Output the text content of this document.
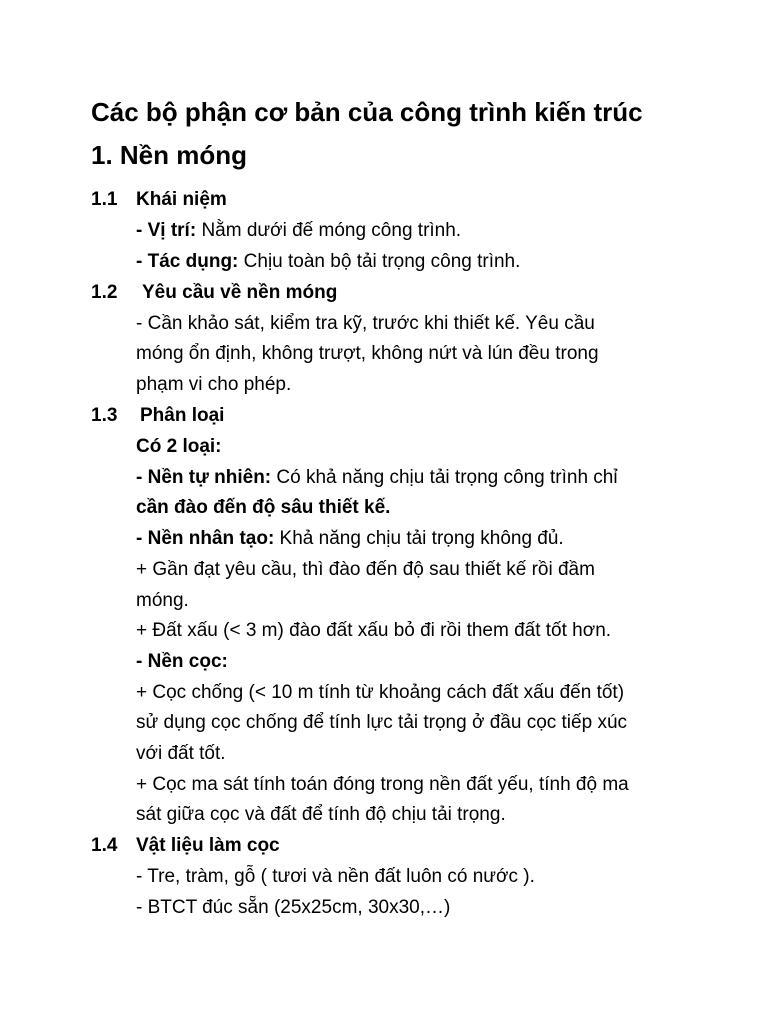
Các bộ phận cơ bản của công trình kiến trúc
1. Nền móng
1.1 Khái niệm
- Vị trí: Nằm dưới đế móng công trình.
- Tác dụng: Chịu toàn bộ tải trọng công trình.
1.2 Yêu cầu về nền móng
- Cần khảo sát, kiểm tra kỹ, trước khi thiết kế. Yêu cầu
móng ổn định, không trượt, không nứt và lún đều trong
phạm vi cho phép.
1.3 Phân loại
Có 2 loại:
- Nền tự nhiên: Có khả năng chịu tải trọng công trình chỉ
cần đào đến độ sâu thiết kế.
- Nền nhân tạo: Khả năng chịu tải trọng không đủ.
+ Gần đạt yêu cầu, thì đào đến độ sau thiết kế rồi đầm
móng.
+ Đất xấu (< 3 m) đào đất xấu bỏ đi rồi them đất tốt hơn.
- Nền cọc:
+ Cọc chống (< 10 m tính từ khoảng cách đất xấu đến tốt)
sử dụng cọc chống để tính lực tải trọng ở đầu cọc tiếp xúc
với đất tốt.
+ Cọc ma sát tính toán đóng trong nền đất yếu, tính độ ma
sát giữa cọc và đất để tính độ chịu tải trọng.
1.4 Vật liệu làm cọc
- Tre, tràm, gỗ ( tươi và nền đất luôn có nước ).
- BTCT đúc sẵn (25x25cm, 30x30,…)
